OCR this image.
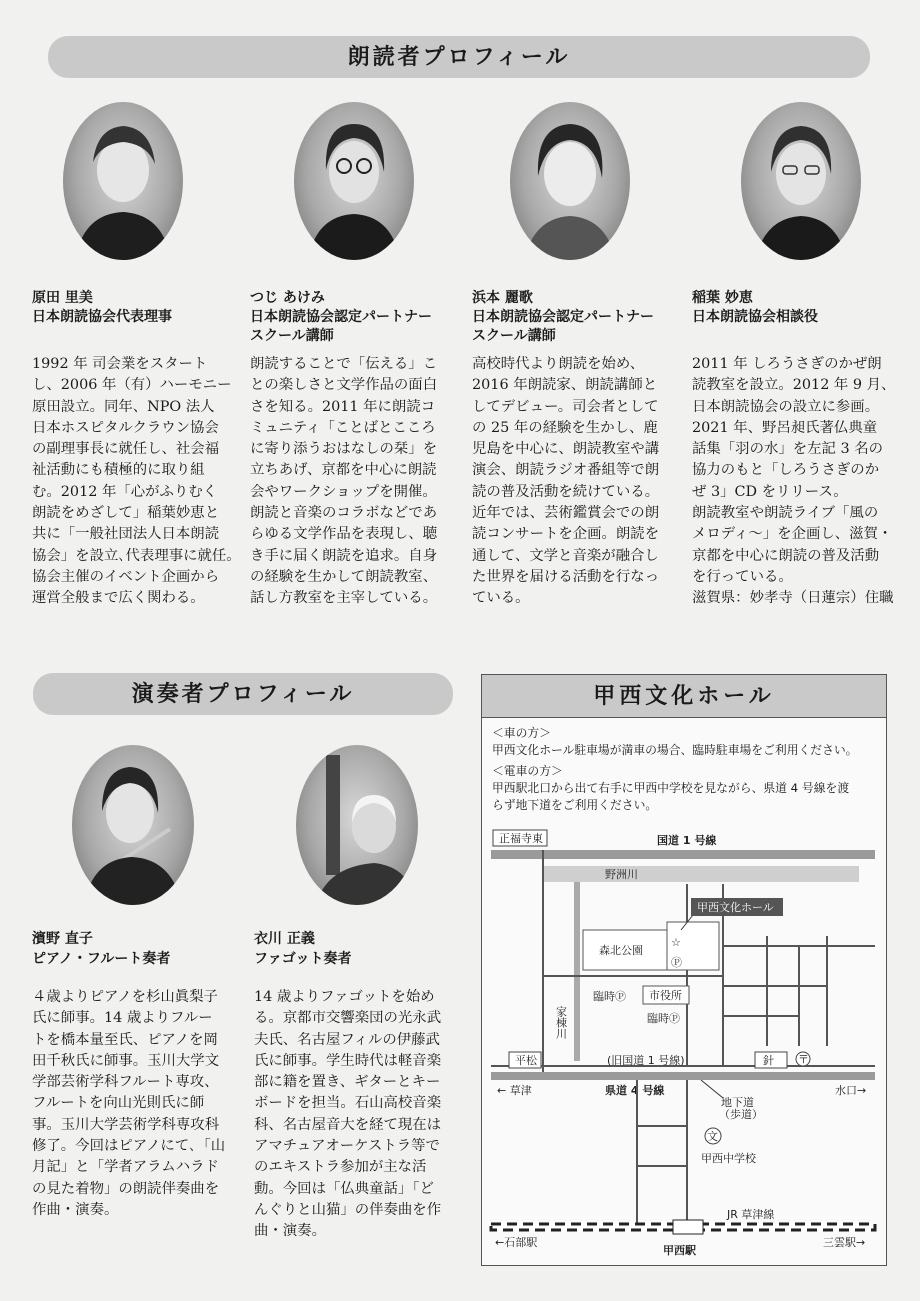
朗読者プロフィール
原田 里美
日本朗読協会代表理事
1992 年 司会業をスタート
し、2006 年（有）ハーモニー
原田設立。同年、NPO 法人
日本ホスピタルクラウン協会
の副理事長に就任し、社会福
祉活動にも積極的に取り組
む。2012 年「心がふりむく
朗読をめざして」稲葉妙恵と
共に「一般社団法人日本朗読
協会」を設立､代表理事に就任。
協会主催のイベント企画から
運営全般まで広く関わる。
つじ あけみ
日本朗読協会認定パートナー
スクール講師
朗読することで「伝える」こ
との楽しさと文学作品の面白
さを知る。2011 年に朗読コ
ミュニティ「ことばとこころ
に寄り添うおはなしの栞」を
立ちあげ、京都を中心に朗読
会やワークショップを開催。
朗読と音楽のコラボなどであ
らゆる文学作品を表現し、聴
き手に届く朗読を追求。自身
の経験を生かして朗読教室、
話し方教室を主宰している。
浜本 麗歌
日本朗読協会認定パートナー
スクール講師
高校時代より朗読を始め、
2016 年朗読家、朗読講師と
してデビュー。司会者として
の 25 年の経験を生かし、鹿
児島を中心に、朗読教室や講
演会、朗読ラジオ番組等で朗
読の普及活動を続けている。
近年では、芸術鑑賞会での朗
読コンサートを企画。朗読を
通して、文学と音楽が融合し
た世界を届ける活動を行なっ
ている。
稲葉 妙恵
日本朗読協会相談役
2011 年 しろうさぎのかぜ朗
読教室を設立。2012 年 9 月、
日本朗読協会の設立に参画。
2021 年、野呂昶氏著仏典童
話集「羽の水」を左記 3 名の
協力のもと「しろうさぎのか
ぜ 3」CD をリリース。
朗読教室や朗読ライブ「風の
メロディ～」を企画し、滋賀・
京都を中心に朗読の普及活動
を行っている。
滋賀県：妙孝寺（日蓮宗）住職
演奏者プロフィール
濱野 直子
ピアノ・フルート奏者
４歳よりピアノを杉山眞梨子
氏に師事。14 歳よりフルー
トを橋本量至氏、ピアノを岡
田千秋氏に師事。玉川大学文
学部芸術学科フルート専攻、
フルートを向山光則氏に師
事。玉川大学芸術学科専攻科
修了。今回はピアノにて､「山
月記」と「学者アラムハラド
の見た着物」の朗読伴奏曲を
作曲・演奏。
衣川 正義
ファゴット奏者
14 歳よりファゴットを始め
る。京都市交響楽団の光永武
夫氏、名古屋フィルの伊藤武
氏に師事。学生時代は軽音楽
部に籍を置き、ギターとキー
ボードを担当。石山高校音楽
科、名古屋音大を経て現在は
アマチュアオーケストラ等で
のエキストラ参加が主な活
動。今回は「仏典童話」「ど
んぐりと山猫」の伴奏曲を作
曲・演奏。
甲西文化ホール
＜車の方＞
甲西文化ホール駐車場が満車の場合、臨時駐車場をご利用ください。
＜電車の方＞
甲西駅北口から出て右手に甲西中学校を見ながら、県道 4 号線を渡
らず地下道をご利用ください。
正福寺東	国道 1 号線
野洲川
森北公園
☆
Ⓟ
甲西文化ホール
臨時Ⓟ 市役所
臨時Ⓟ
家棟川
平松	(旧国道 1 号線)	針 〒
← 草津	県道 4 号線	水口→
地下道
（歩道）
文
甲西中学校
JR 草津線
←石部駅
甲西駅
三雲駅→
